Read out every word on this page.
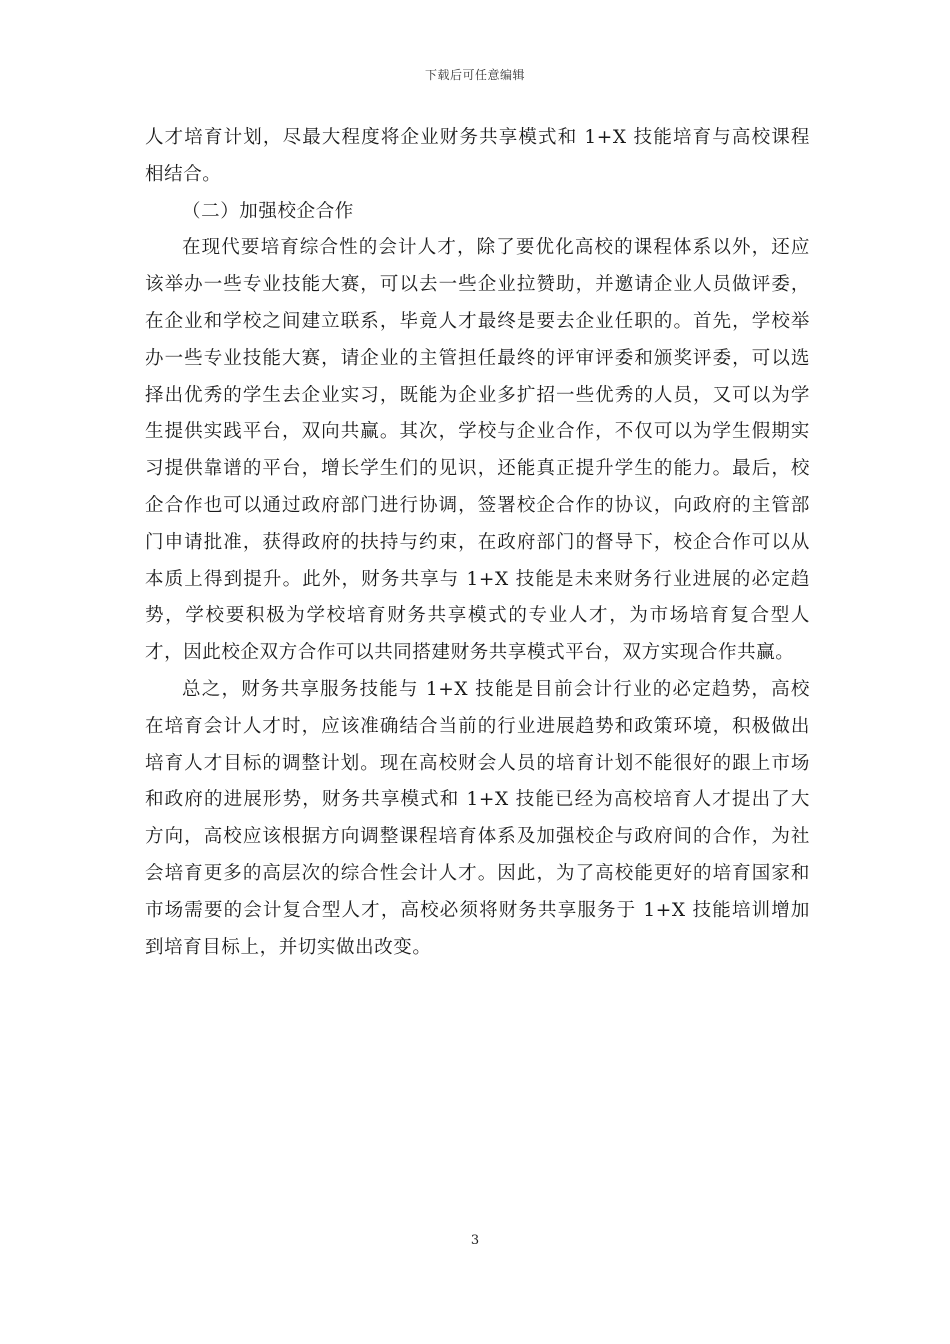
下载后可任意编辑

人才培育计划，尽最大程度将企业财务共享模式和 1+X 技能培育与高校课程相结合。

（二）加强校企合作

在现代要培育综合性的会计人才，除了要优化高校的课程体系以外，还应该举办一些专业技能大赛，可以去一些企业拉赞助，并邀请企业人员做评委，在企业和学校之间建立联系，毕竟人才最终是要去企业任职的。首先，学校举办一些专业技能大赛，请企业的主管担任最终的评审评委和颁奖评委，可以选择出优秀的学生去企业实习，既能为企业多扩招一些优秀的人员，又可以为学生提供实践平台，双向共赢。其次，学校与企业合作，不仅可以为学生假期实习提供靠谱的平台，增长学生们的见识，还能真正提升学生的能力。最后，校企合作也可以通过政府部门进行协调，签署校企合作的协议，向政府的主管部门申请批准，获得政府的扶持与约束，在政府部门的督导下，校企合作可以从本质上得到提升。此外，财务共享与 1+X 技能是未来财务行业进展的必定趋势，学校要积极为学校培育财务共享模式的专业人才，为市场培育复合型人才，因此校企双方合作可以共同搭建财务共享模式平台，双方实现合作共赢。

总之，财务共享服务技能与 1+X 技能是目前会计行业的必定趋势，高校在培育会计人才时，应该准确结合当前的行业进展趋势和政策环境，积极做出培育人才目标的调整计划。现在高校财会人员的培育计划不能很好的跟上市场和政府的进展形势，财务共享模式和 1+X 技能已经为高校培育人才提出了大方向，高校应该根据方向调整课程培育体系及加强校企与政府间的合作，为社会培育更多的高层次的综合性会计人才。因此，为了高校能更好的培育国家和市场需要的会计复合型人才，高校必须将财务共享服务于 1+X 技能培训增加到培育目标上，并切实做出改变。

3
